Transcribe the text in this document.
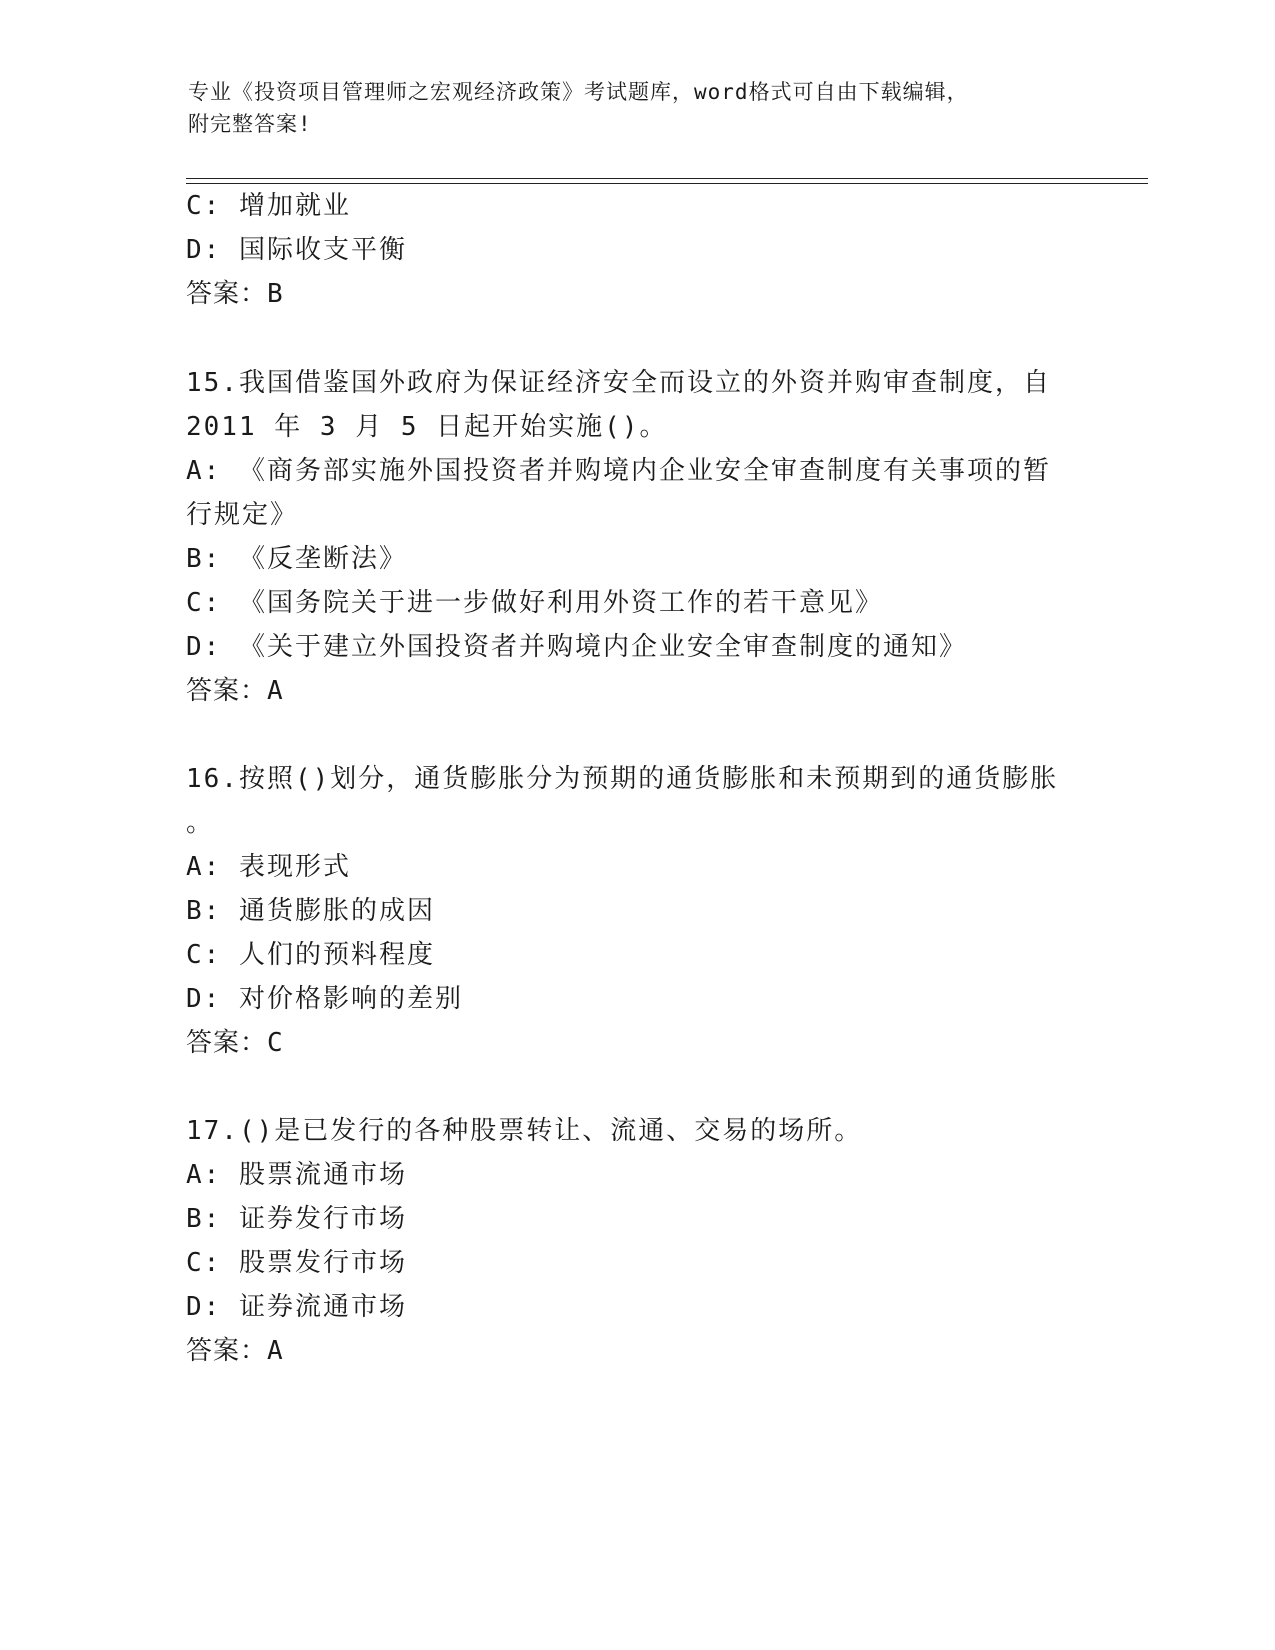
专业《投资项目管理师之宏观经济政策》考试题库，word格式可自由下载编辑，
附完整答案!
C: 增加就业
D: 国际收支平衡
答案：B
15.我国借鉴国外政府为保证经济安全而设立的外资并购审查制度，自
2011 年 3 月 5 日起开始实施()。
A: 《商务部实施外国投资者并购境内企业安全审查制度有关事项的暂
行规定》
B: 《反垄断法》
C: 《国务院关于进一步做好利用外资工作的若干意见》
D: 《关于建立外国投资者并购境内企业安全审查制度的通知》
答案：A
16.按照()划分，通货膨胀分为预期的通货膨胀和未预期到的通货膨胀
。
A: 表现形式
B: 通货膨胀的成因
C: 人们的预料程度
D: 对价格影响的差别
答案：C
17.()是已发行的各种股票转让、流通、交易的场所。
A: 股票流通市场
B: 证券发行市场
C: 股票发行市场
D: 证券流通市场
答案：A
